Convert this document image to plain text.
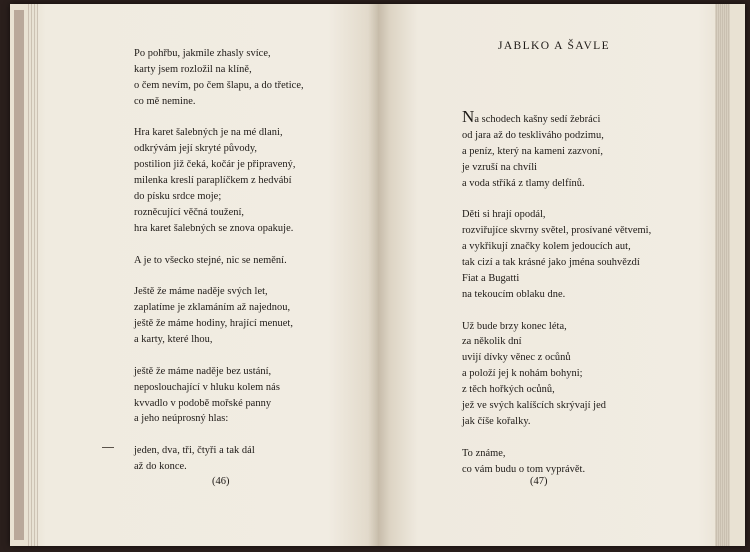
Po pohřbu, jakmile zhasly svíce,
karty jsem rozložil na klíně,
o čem nevím, po čem šlapu, a do třetice,
co mě nemine.
Hra karet šalebných je na mé dlani,
odkrývám její skryté původy,
postilion již čeká, kočár je připravený,
milenka kreslí paraplíčkem z hedvábí
do písku srdce moje;
rozněcující věčná toužení,
hra karet šalebných se znova opakuje.
A je to všecko stejné, nic se nemění.
Ještě že máme naděje svých let,
zaplatíme je zklamáním až najednou,
ještě že máme hodiny, hrající menuet,
a karty, které lhou,
ještě že máme naděje bez ustání,
neposlouchající v hluku kolem nás
kvvadlo v podobě mořské panny
a jeho neúprosný hlas:
jeden, dva, tři, čtyři a tak dál
až do konce.
(46)
JABLKO A ŠAVLE
Na schodech kašny sedí žebráci
od jara až do teskliváho podzimu,
a peníz, který na kameni zazvoní,
je vzruší na chvíli
a voda stříká z tlamy delfínů.
Děti si hrají opodál,
rozviřujíce skvrny světel, prosívané větvemi,
a vykřikují značky kolem jedoucích aut,
tak cizí a tak krásné jako jména souhvězdí
Fiat a Bugatti
na tekoucím oblaku dne.
Už bude brzy konec léta,
za několik dní
uvijí dívky věnec z ocůnů
a položí jej k nohám bohyni;
z těch hořkých ocůnů,
jež ve svých kalíšcích skrývají jed
jak číše kořalky.
To známe,
co vám budu o tom vyprávět.
(47)
